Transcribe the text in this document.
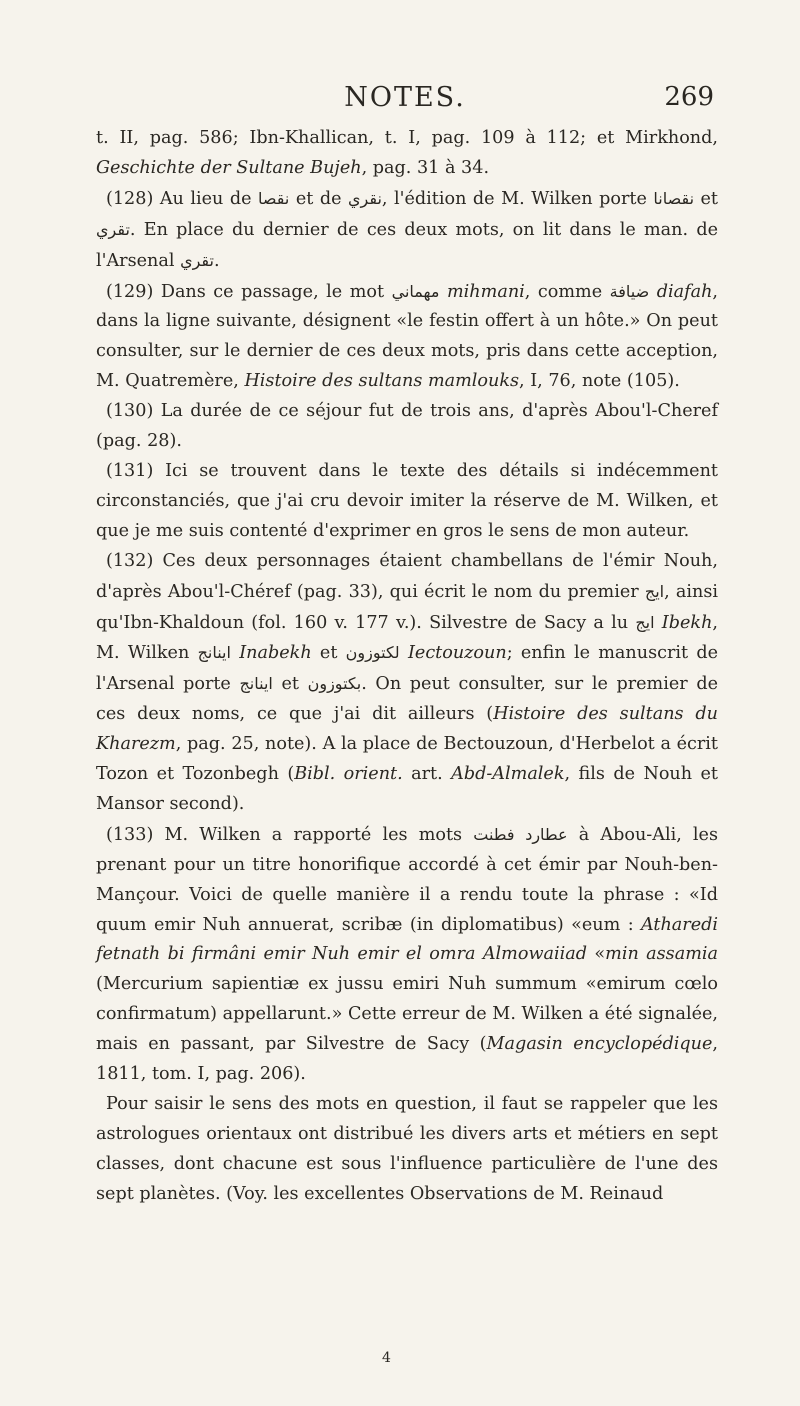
NOTES.	269

t. II, pag. 586; Ibn-Khallican, t. I, pag. 109 à 112; et Mirkhond, Geschichte der Sultane Bujeh, pag. 31 à 34.

(128) Au lieu de نقصا et de نقري, l'édition de M. Wilken porte نقصانا et تقري. En place du dernier de ces deux mots, on lit dans le man. de l'Arsenal تقري.

(129) Dans ce passage, le mot مهماني mihmani, comme ضيافة diafah, dans la ligne suivante, désignent «le festin offert à un hôte.» On peut consulter, sur le dernier de ces deux mots, pris dans cette acception, M. Quatremère, Histoire des sultans mamlouks, I, 76, note (105).

(130) La durée de ce séjour fut de trois ans, d'après Abou'l-Cheref (pag. 28).

(131) Ici se trouvent dans le texte des détails si indécemment circonstanciés, que j'ai cru devoir imiter la réserve de M. Wilken, et que je me suis contenté d'exprimer en gros le sens de mon auteur.

(132) Ces deux personnages étaient chambellans de l'émir Nouh, d'après Abou'l-Chéref (pag. 33), qui écrit le nom du premier ايج, ainsi qu'Ibn-Khaldoun (fol. 160 v. 177 v.). Silvestre de Sacy a lu ايج Ibekh, M. Wilken اينانج Inabekh et لكتوزون Iectouzoun; enfin le manuscrit de l'Arsenal porte اينانج et بكتوزون. On peut consulter, sur le premier de ces deux noms, ce que j'ai dit ailleurs (Histoire des sultans du Kharezm, pag. 25, note). A la place de Bectouzoun, d'Herbelot a écrit Tozon et Tozonbegh (Bibl. orient. art. Abd-Almalek, fils de Nouh et Mansor second).

(133) M. Wilken a rapporté les mots عطارد فطنت à Abou-Ali, les prenant pour un titre honorifique accordé à cet émir par Nouh-ben-Mançour. Voici de quelle manière il a rendu toute la phrase : «Id quum emir Nuh annuerat, scribæ (in diplomatibus) «eum : Atharedi fetnath bi firmâni emir Nuh emir el omra Almowaiiad «min assamia (Mercurium sapientiæ ex jussu emiri Nuh summum «emirum cœlo confirmatum) appellarunt.» Cette erreur de M. Wilken a été signalée, mais en passant, par Silvestre de Sacy (Magasin encyclopédique, 1811, tom. I, pag. 206).

Pour saisir le sens des mots en question, il faut se rappeler que les astrologues orientaux ont distribué les divers arts et métiers en sept classes, dont chacune est sous l'influence particulière de l'une des sept planètes. (Voy. les excellentes Observations de M. Reinaud

4
